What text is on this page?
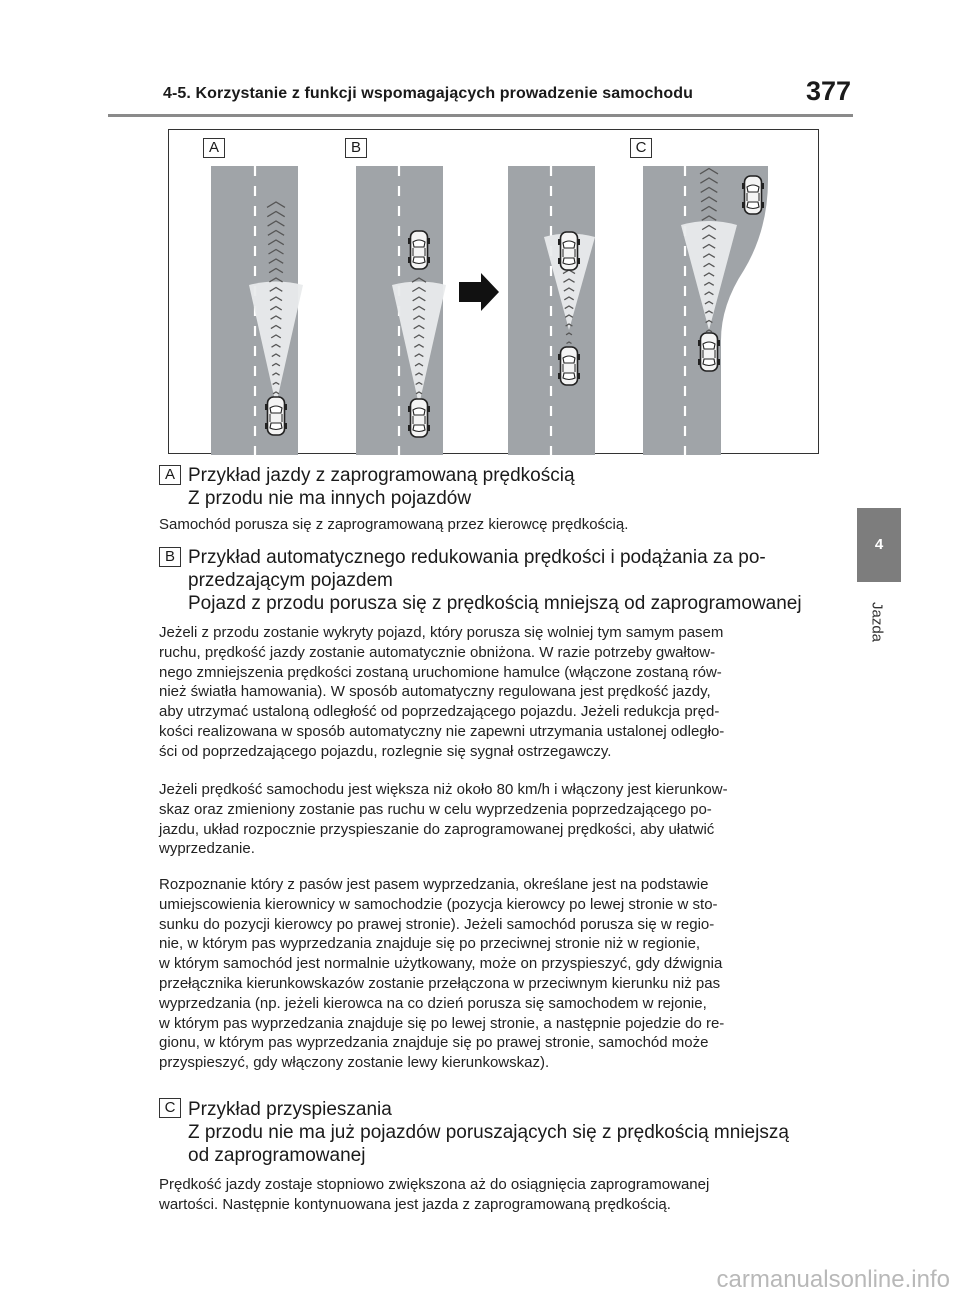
4-5. Korzystanie z funkcji wspomagających prowadzenie samochodu	377
4
Jazda
A	B	C
A Przykład jazdy z zaprogramowaną prędkością
Z przodu nie ma innych pojazdów
Samochód porusza się z zaprogramowaną przez kierowcę prędkością.
B Przykład automatycznego redukowania prędkości i podążania za po-
przedzającym pojazdem
Pojazd z przodu porusza się z prędkością mniejszą od zaprogramowanej
Jeżeli z przodu zostanie wykryty pojazd, który porusza się wolniej tym samym pasem
ruchu, prędkość jazdy zostanie automatycznie obniżona. W razie potrzeby gwałtow-
nego zmniejszenia prędkości zostaną uruchomione hamulce (włączone zostaną rów-
nież światła hamowania). W sposób automatyczny regulowana jest prędkość jazdy,
aby utrzymać ustaloną odległość od poprzedzającego pojazdu. Jeżeli redukcja pręd-
kości realizowana w sposób automatyczny nie zapewni utrzymania ustalonej odległo-
ści od poprzedzającego pojazdu, rozlegnie się sygnał ostrzegawczy.
Jeżeli prędkość samochodu jest większa niż około 80 km/h i włączony jest kierunkow-
skaz oraz zmieniony zostanie pas ruchu w celu wyprzedzenia poprzedzającego po-
jazdu, układ rozpocznie przyspieszanie do zaprogramowanej prędkości, aby ułatwić
wyprzedzanie.
Rozpoznanie który z pasów jest pasem wyprzedzania, określane jest na podstawie
umiejscowienia kierownicy w samochodzie (pozycja kierowcy po lewej stronie w sto-
sunku do pozycji kierowcy po prawej stronie). Jeżeli samochód porusza się w regio-
nie, w którym pas wyprzedzania znajduje się po przeciwnej stronie niż w regionie,
w którym samochód jest normalnie użytkowany, może on przyspieszyć, gdy dźwignia
przełącznika kierunkowskazów zostanie przełączona w przeciwnym kierunku niż pas
wyprzedzania (np. jeżeli kierowca na co dzień porusza się samochodem w rejonie,
w którym pas wyprzedzania znajduje się po lewej stronie, a następnie pojedzie do re-
gionu, w którym pas wyprzedzania znajduje się po prawej stronie, samochód może
przyspieszyć, gdy włączony zostanie lewy kierunkowskaz).
C Przykład przyspieszania
Z przodu nie ma już pojazdów poruszających się z prędkością mniejszą
od zaprogramowanej
Prędkość jazdy zostaje stopniowo zwiększona aż do osiągnięcia zaprogramowanej
wartości. Następnie kontynuowana jest jazda z zaprogramowaną prędkością.
carmanualsonline.info
